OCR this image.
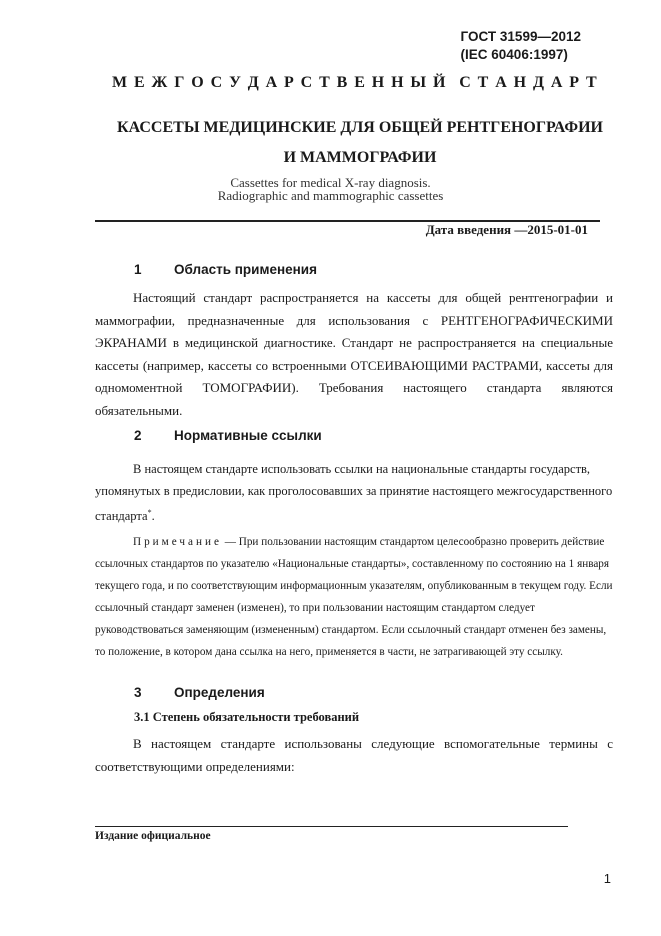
ГОСТ 31599—2012
(IEC 60406:1997)
М Е Ж Г О С У Д А Р С Т В Е Н Н Ы Й С Т А Н Д А Р Т
КАССЕТЫ МЕДИЦИНСКИЕ ДЛЯ ОБЩЕЙ РЕНТГЕНОГРАФИИ
И МАММОГРАФИИ
Cassettes for medical X-ray diagnosis.
Radiographic and mammographic cassettes
Дата введения —2015-01-01
1 Область применения
Настоящий стандарт распространяется на кассеты для общей рентгенографии и маммографии, предназначенные для использования с РЕНТГЕНОГРАФИЧЕСКИМИ ЭКРАНАМИ в медицинской диагностике. Стандарт не распространяется на специальные кассеты (например, кассеты со встроенными ОТСЕИВАЮЩИМИ РАСТРАМИ, кассеты для одномоментной ТОМОГРАФИИ). Требования настоящего стандарта являются обязательными.
2 Нормативные ссылки
В настоящем стандарте использовать ссылки на национальные стандарты государств, упомянутых в предисловии, как проголосовавших за принятие настоящего межгосударственного стандарта*.
Примечание — При пользовании настоящим стандартом целесообразно проверить действие ссылочных стандартов по указателю «Национальные стандарты», составленному по состоянию на 1 января текущего года, и по соответствующим информационным указателям, опубликованным в текущем году. Если ссылочный стандарт заменен (изменен), то при пользовании настоящим стандартом следует руководствоваться заменяющим (измененным) стандартом. Если ссылочный стандарт отменен без замены, то положение, в котором дана ссылка на него, применяется в части, не затрагивающей эту ссылку.
3 Определения
3.1 Степень обязательности требований
В настоящем стандарте использованы следующие вспомогательные термины с соответствующими определениями:
Издание официальное
1
